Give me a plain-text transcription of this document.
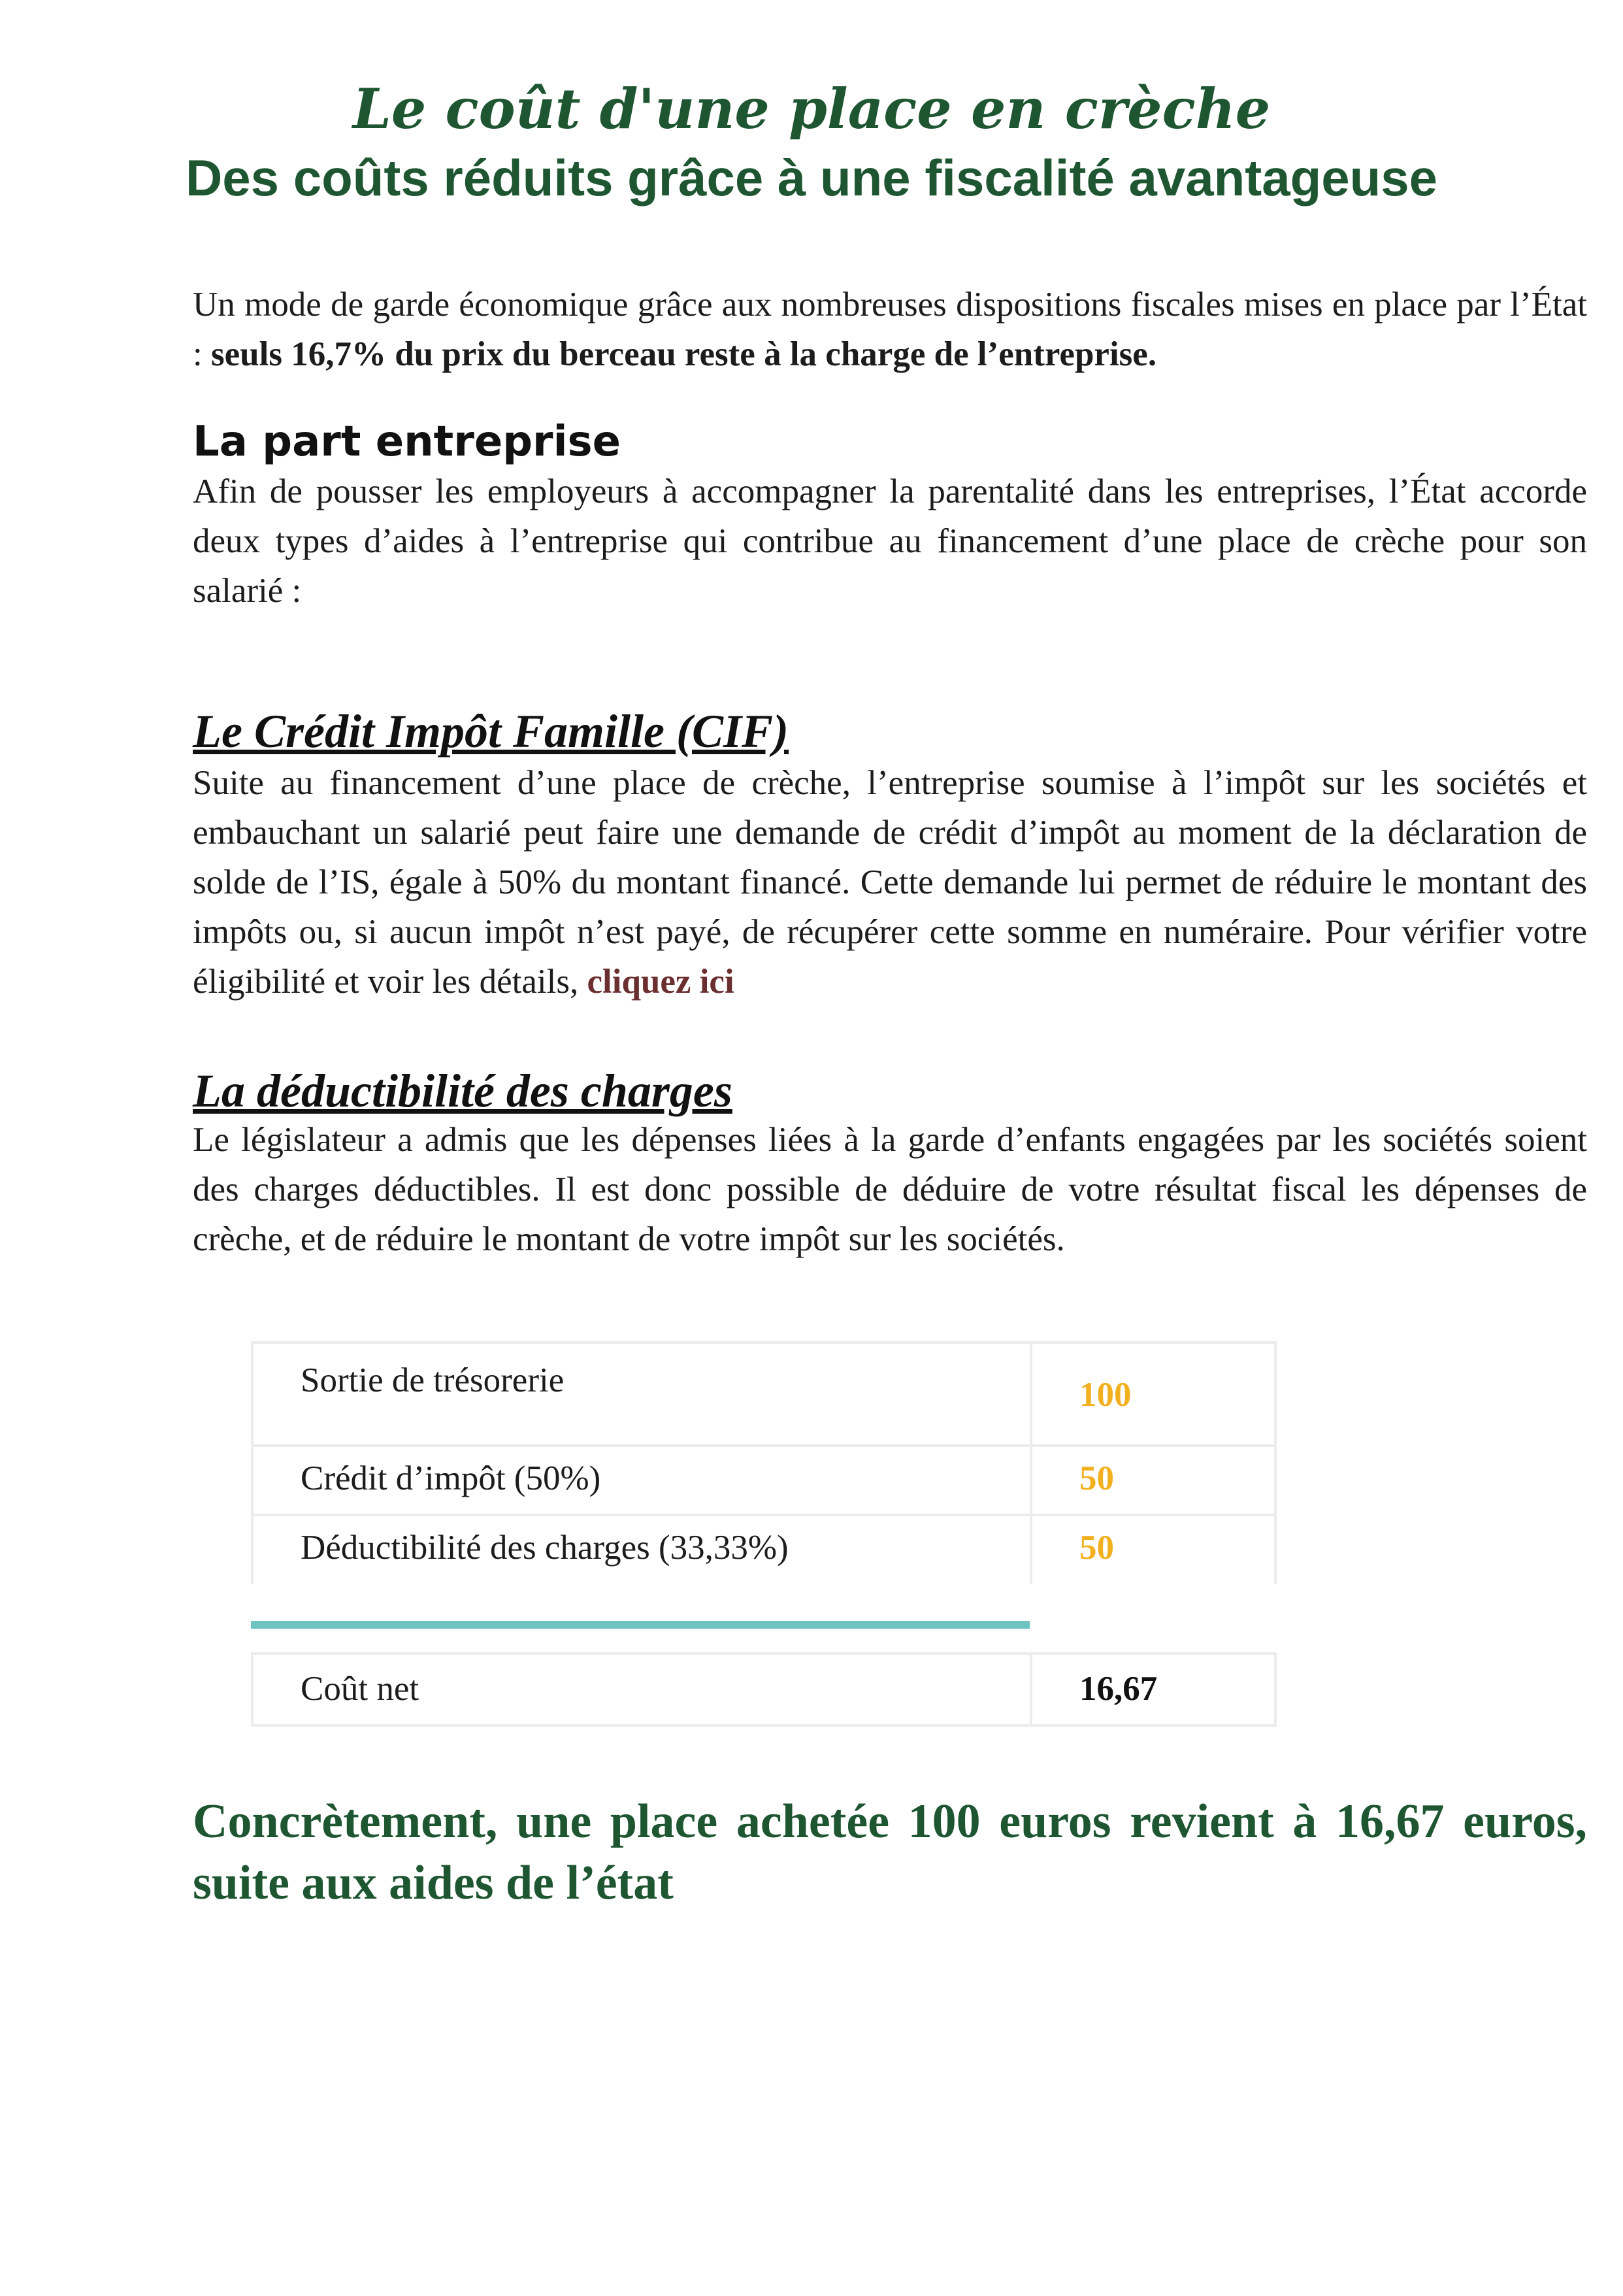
Le coût d'une place en crèche
Des coûts réduits grâce à une fiscalité avantageuse

Un mode de garde économique grâce aux nombreuses dispositions fiscales mises en place par l’État : seuls 16,7% du prix du berceau reste à la charge de l’entreprise.

La part entreprise

Afin de pousser les employeurs à accompagner la parentalité dans les entreprises, l’État accorde deux types d’aides à l’entreprise qui contribue au financement d’une place de crèche pour son salarié :

Le Crédit Impôt Famille (CIF)

Suite au financement d’une place de crèche, l’entreprise soumise à l’impôt sur les sociétés et embauchant un salarié peut faire une demande de crédit d’impôt au moment de la déclaration de solde de l’IS, égale à 50% du montant financé. Cette demande lui permet de réduire le montant des impôts ou, si aucun impôt n’est payé, de récupérer cette somme en numéraire. Pour vérifier votre éligibilité et voir les détails, cliquez ici

La déductibilité des charges

Le législateur a admis que les dépenses liées à la garde d’enfants engagées par les sociétés soient des charges déductibles. Il est donc possible de déduire de votre résultat fiscal les dépenses de crèche, et de réduire le montant de votre impôt sur les sociétés.

Sortie de trésorerie	100
Crédit d’impôt (50%)	50
Déductibilité des charges (33,33%)	50
Coût net	16,67

Concrètement, une place achetée 100 euros revient à 16,67 euros, suite aux aides de l’état
